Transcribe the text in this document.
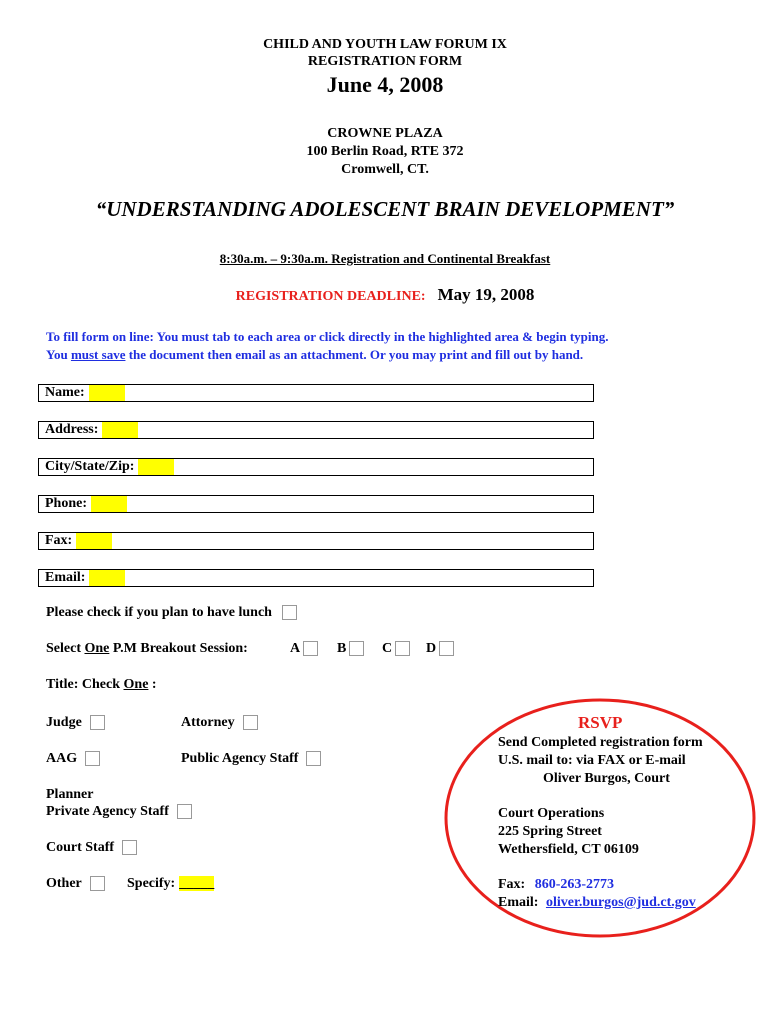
CHILD AND YOUTH LAW FORUM IX
REGISTRATION FORM
June 4, 2008
CROWNE PLAZA
100 Berlin Road, RTE 372
Cromwell, CT.
“UNDERSTANDING ADOLESCENT BRAIN DEVELOPMENT”
8:30a.m. – 9:30a.m. Registration and Continental Breakfast
REGISTRATION DEADLINE: May 19, 2008
To fill form on line: You must tab to each area or click directly in the highlighted area & begin typing.
You must save the document then email as an attachment. Or you may print and fill out by hand.
Name:
Address:
City/State/Zip:
Phone:
Fax:
Email:
Please check if you plan to have lunch
Select One P.M Breakout Session:	A	B	C	D
Title: Check One :
Judge	Attorney
AAG	Public Agency Staff
Planner
Private Agency Staff
Court Staff
Other	Specify: _____
RSVP
Send Completed registration form
U.S. mail to: via FAX or E-mail
Oliver Burgos, Court
Court Operations
225 Spring Street
Wethersfield, CT 06109
Fax: 860-263-2773
Email: oliver.burgos@jud.ct.gov
